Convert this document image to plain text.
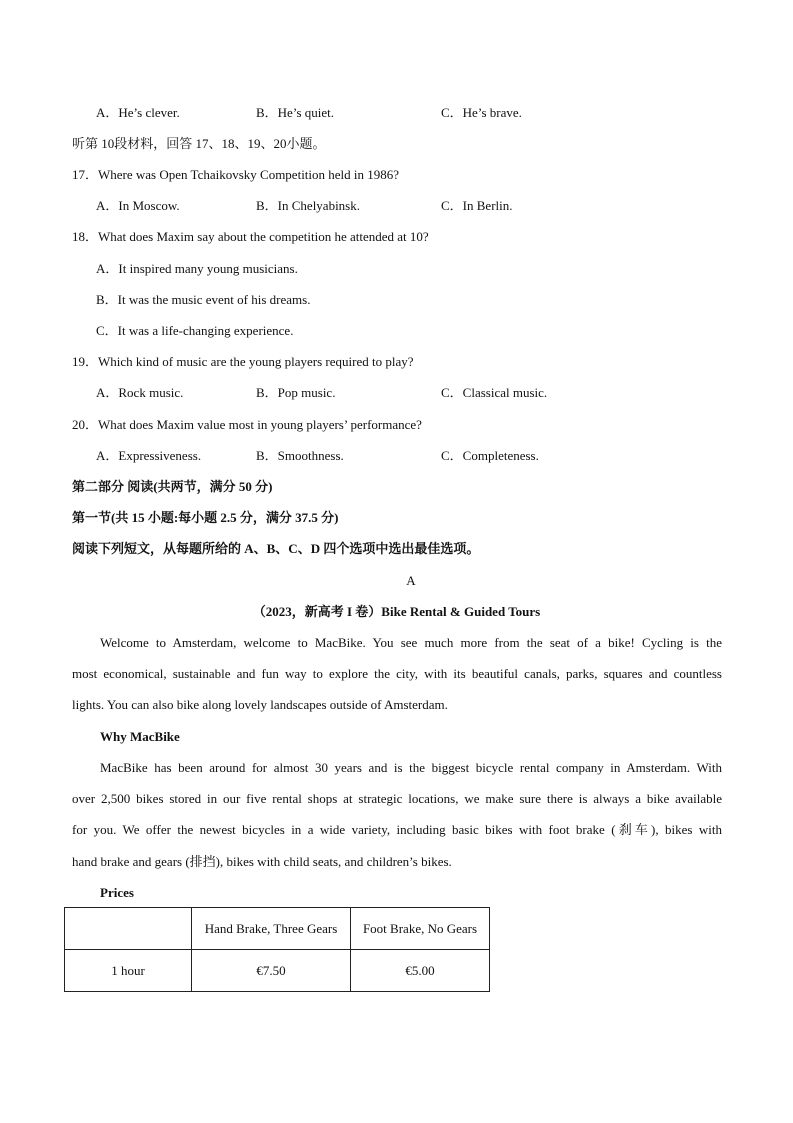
A．He’s clever.	B．He’s quiet.	C．He’s brave.
听第 10段材料，回答 17、18、19、20小题。
17．Where was Open Tchaikovsky Competition held in 1986?
A．In Moscow.	B．In Chelyabinsk.	C．In Berlin.
18．What does Maxim say about the competition he attended at 10?
A．It inspired many young musicians.
B．It was the music event of his dreams.
C．It was a life-changing experience.
19．Which kind of music are the young players required to play?
A．Rock music.	B．Pop music.	C．Classical music.
20．What does Maxim value most in young players’ performance?
A．Expressiveness.	B．Smoothness.	C．Completeness.
第二部分 阅读(共两节，满分 50 分)
第一节(共 15 小题:每小题 2.5 分，满分 37.5 分)
阅读下列短文，从每题所给的 A、B、C、D 四个选项中选出最佳选项。
A
（2023，新高考 I 卷）Bike Rental & Guided Tours
Welcome to Amsterdam, welcome to MacBike. You see much more from the seat of a bike! Cycling is the
most economical, sustainable and fun way to explore the city, with its beautiful canals, parks, squares and countless
lights. You can also bike along lovely landscapes outside of Amsterdam.
Why MacBike
MacBike has been around for almost 30 years and is the biggest bicycle rental company in Amsterdam. With
over 2,500 bikes stored in our five rental shops at strategic locations, we make sure there is always a bike available
for you. We offer the newest bicycles in a wide variety, including basic bikes with foot brake (刹车), bikes with
hand brake and gears (排挡), bikes with child seats, and children’s bikes.
Prices
	Hand Brake, Three Gears	Foot Brake, No Gears
1 hour	€7.50	€5.00
